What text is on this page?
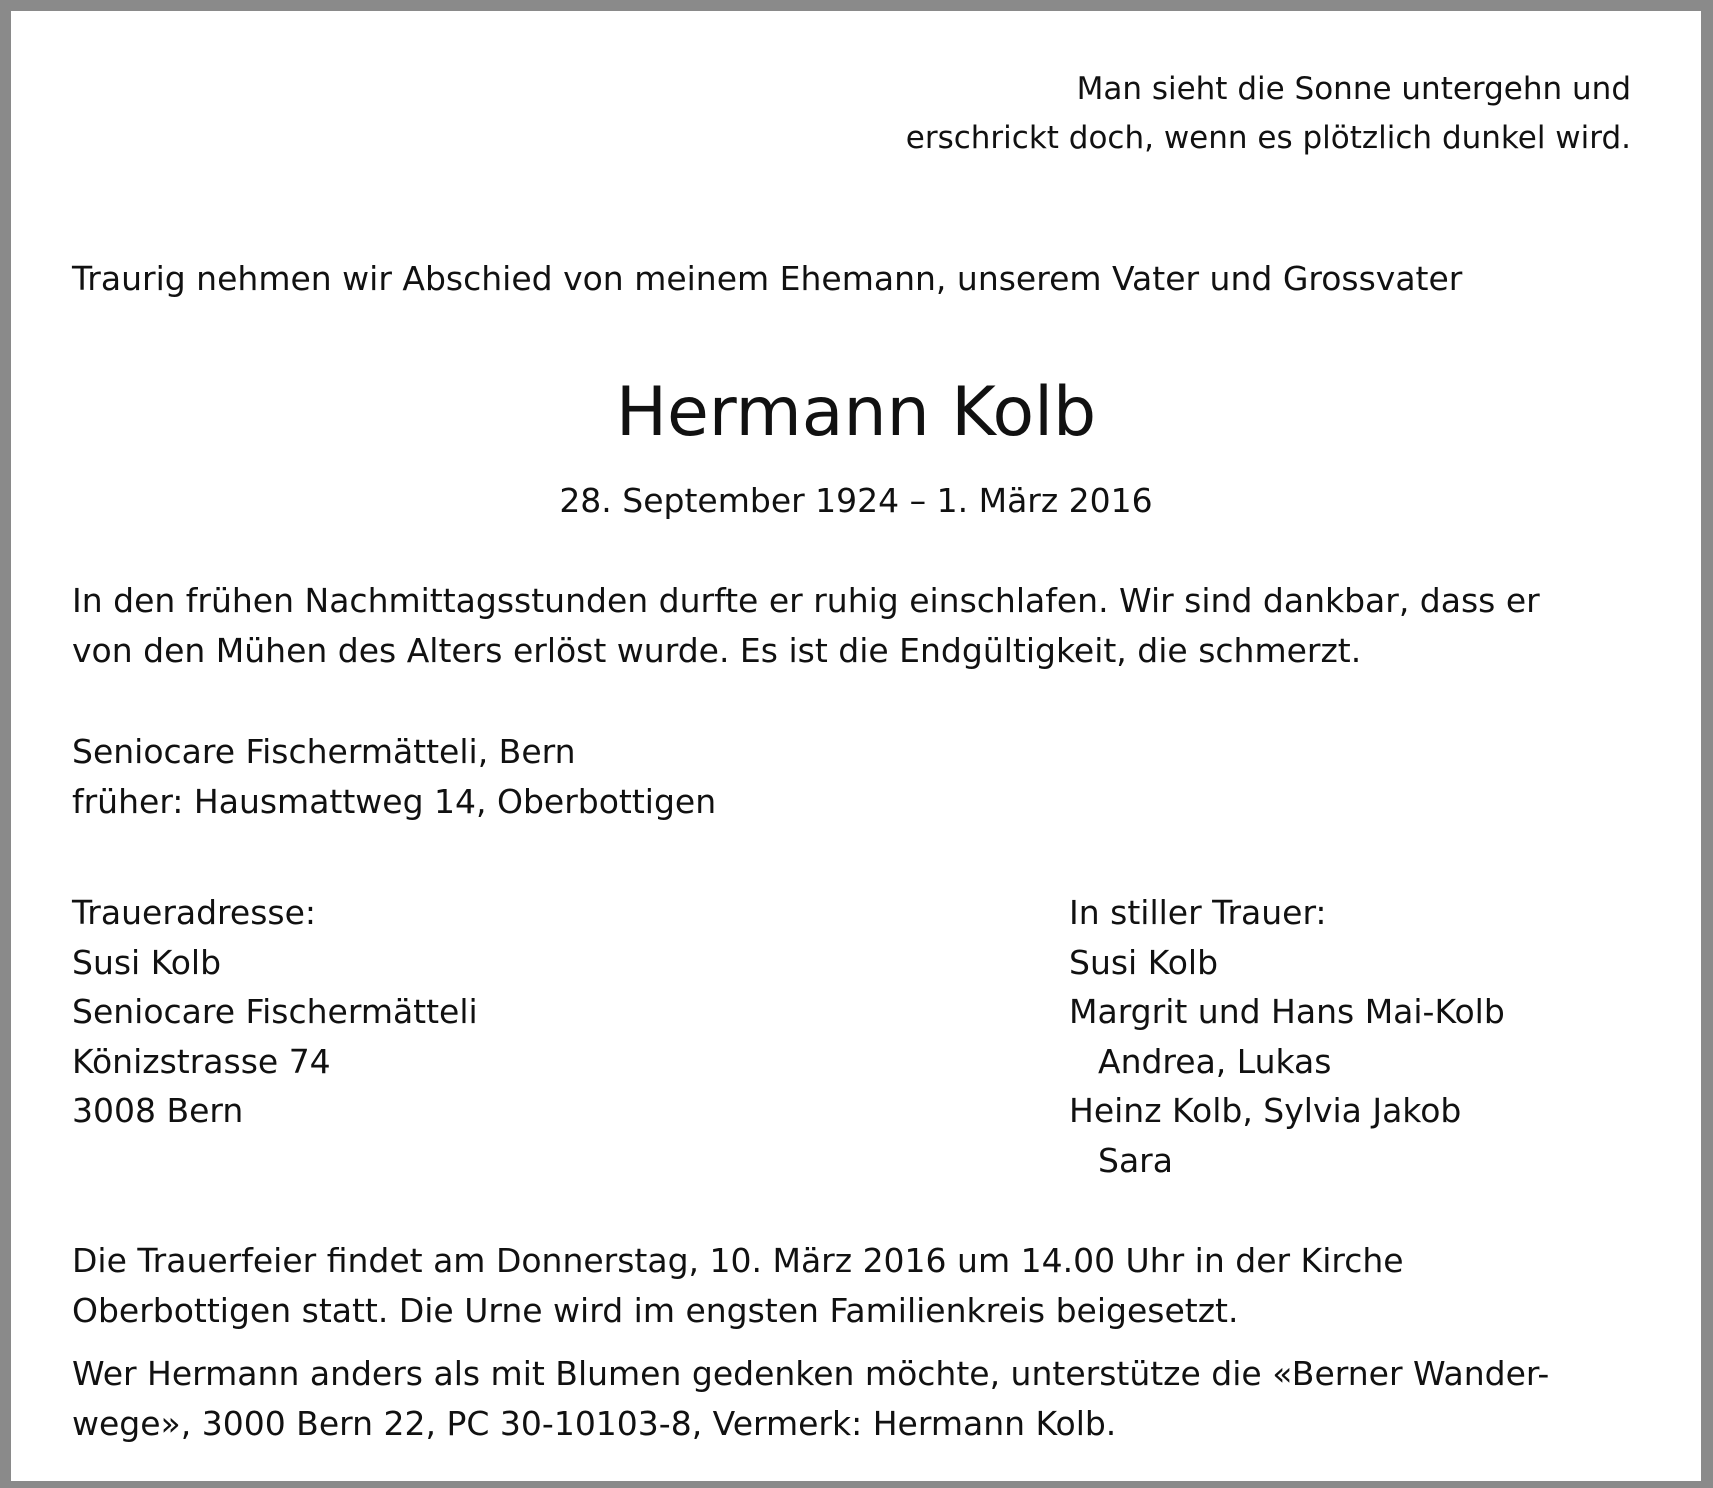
Man sieht die Sonne untergehn und
erschrickt doch, wenn es plötzlich dunkel wird.
Traurig nehmen wir Abschied von meinem Ehemann, unserem Vater und Grossvater
Hermann Kolb
28. September 1924 – 1. März 2016
In den frühen Nachmittagsstunden durfte er ruhig einschlafen. Wir sind dankbar, dass er
von den Mühen des Alters erlöst wurde. Es ist die Endgültigkeit, die schmerzt.
Seniocare Fischermätteli, Bern
früher: Hausmattweg 14, Oberbottigen
Traueradresse:
Susi Kolb
Seniocare Fischermätteli
Könizstrasse 74
3008 Bern
In stiller Trauer:
Susi Kolb
Margrit und Hans Mai-Kolb
Andrea, Lukas
Heinz Kolb, Sylvia Jakob
Sara
Die Trauerfeier findet am Donnerstag, 10. März 2016 um 14.00 Uhr in der Kirche
Oberbottigen statt. Die Urne wird im engsten Familienkreis beigesetzt.
Wer Hermann anders als mit Blumen gedenken möchte, unterstütze die «Berner Wander-
wege», 3000 Bern 22, PC 30-10103-8, Vermerk: Hermann Kolb.
